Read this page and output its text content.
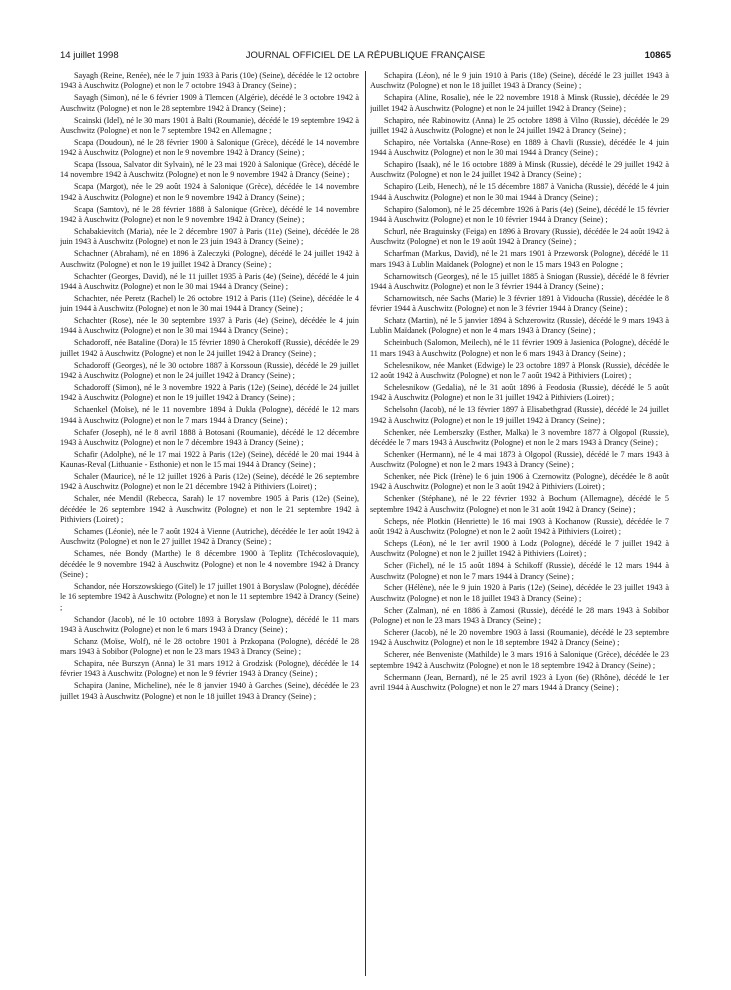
14 juillet 1998	JOURNAL OFFICIEL DE LA RÉPUBLIQUE FRANÇAISE	10865

Sayagh (Reine, Renée), née le 7 juin 1933 à Paris (10e) (Seine), décédée le 12 octobre 1943 à Auschwitz (Pologne) et non le 7 octobre 1943 à Drancy (Seine) ;

Sayagh (Simon), né le 6 février 1909 à Tlemcen (Algérie), décédé le 3 octobre 1942 à Auschwitz (Pologne) et non le 28 septembre 1942 à Drancy (Seine) ;

Scainski (Idel), né le 30 mars 1901 à Balti (Roumanie), décédé le 19 septembre 1942 à Auschwitz (Pologne) et non le 7 septembre 1942 en Allemagne ;

Scapa (Doudoun), né le 28 février 1900 à Salonique (Grèce), décédé le 14 novembre 1942 à Auschwitz (Pologne) et non le 9 novembre 1942 à Drancy (Seine) ;

Scapa (Issoua, Salvator dit Sylvain), né le 23 mai 1920 à Salonique (Grèce), décédé le 14 novembre 1942 à Auschwitz (Pologne) et non le 9 novembre 1942 à Drancy (Seine) ;

Scapa (Margot), née le 29 août 1924 à Salonique (Grèce), décédée le 14 novembre 1942 à Auschwitz (Pologne) et non le 9 novembre 1942 à Drancy (Seine) ;

Scapa (Samtov), né le 28 février 1888 à Salonique (Grèce), décédé le 14 novembre 1942 à Auschwitz (Pologne) et non le 9 novembre 1942 à Drancy (Seine) ;

Schabakievitch (Maria), née le 2 décembre 1907 à Paris (11e) (Seine), décédée le 28 juin 1943 à Auschwitz (Pologne) et non le 23 juin 1943 à Drancy (Seine) ;

Schachner (Abraham), né en 1896 à Zaleczyki (Pologne), décédé le 24 juillet 1942 à Auschwitz (Pologne) et non le 19 juillet 1942 à Drancy (Seine) ;

Schachter (Georges, David), né le 11 juillet 1935 à Paris (4e) (Seine), décédé le 4 juin 1944 à Auschwitz (Pologne) et non le 30 mai 1944 à Drancy (Seine) ;

Schachter, née Peretz (Rachel) le 26 octobre 1912 à Paris (11e) (Seine), décédée le 4 juin 1944 à Auschwitz (Pologne) et non le 30 mai 1944 à Drancy (Seine) ;

Schachter (Rose), née le 30 septembre 1937 à Paris (4e) (Seine), décédée le 4 juin 1944 à Auschwitz (Pologne) et non le 30 mai 1944 à Drancy (Seine) ;

Schadoroff, née Bataline (Dora) le 15 février 1890 à Cherokoff (Russie), décédée le 29 juillet 1942 à Auschwitz (Pologne) et non le 24 juillet 1942 à Drancy (Seine) ;

Schadoroff (Georges), né le 30 octobre 1887 à Korssoun (Russie), décédé le 29 juillet 1942 à Auschwitz (Pologne) et non le 24 juillet 1942 à Drancy (Seine) ;

Schadoroff (Simon), né le 3 novembre 1922 à Paris (12e) (Seine), décédé le 24 juillet 1942 à Auschwitz (Pologne) et non le 19 juillet 1942 à Drancy (Seine) ;

Schaenkel (Moïse), né le 11 novembre 1894 à Dukla (Pologne), décédé le 12 mars 1944 à Auschwitz (Pologne) et non le 7 mars 1944 à Drancy (Seine) ;

Schafer (Joseph), né le 8 avril 1888 à Botosani (Roumanie), décédé le 12 décembre 1943 à Auschwitz (Pologne) et non le 7 décembre 1943 à Drancy (Seine) ;

Schafir (Adolphe), né le 17 mai 1922 à Paris (12e) (Seine), décédé le 20 mai 1944 à Kaunas-Reval (Lithuanie - Esthonie) et non le 15 mai 1944 à Drancy (Seine) ;

Schaler (Maurice), né le 12 juillet 1926 à Paris (12e) (Seine), décédé le 26 septembre 1942 à Auschwitz (Pologne) et non le 21 décembre 1942 à Pithiviers (Loiret) ;

Schaler, née Mendil (Rebecca, Sarah) le 17 novembre 1905 à Paris (12e) (Seine), décédée le 26 septembre 1942 à Auschwitz (Pologne) et non le 21 septembre 1942 à Pithiviers (Loiret) ;

Schames (Léonie), née le 7 août 1924 à Vienne (Autriche), décédée le 1er août 1942 à Auschwitz (Pologne) et non le 27 juillet 1942 à Drancy (Seine) ;

Schames, née Bondy (Marthe) le 8 décembre 1900 à Teplitz (Tchécoslovaquie), décédée le 9 novembre 1942 à Auschwitz (Pologne) et non le 4 novembre 1942 à Drancy (Seine) ;

Schandor, née Horszowskiego (Gitel) le 17 juillet 1901 à Boryslaw (Pologne), décédée le 16 septembre 1942 à Auschwitz (Pologne) et non le 11 septembre 1942 à Drancy (Seine) ;

Schandor (Jacob), né le 10 octobre 1893 à Boryslaw (Pologne), décédé le 11 mars 1943 à Auschwitz (Pologne) et non le 6 mars 1943 à Drancy (Seine) ;

Schanz (Moïse, Wolf), né le 28 octobre 1901 à Przkopana (Pologne), décédé le 28 mars 1943 à Sobibor (Pologne) et non le 23 mars 1943 à Drancy (Seine) ;

Schapira, née Burszyn (Anna) le 31 mars 1912 à Grodzisk (Pologne), décédée le 14 février 1943 à Auschwitz (Pologne) et non le 9 février 1943 à Drancy (Seine) ;

Schapira (Janine, Micheline), née le 8 janvier 1940 à Garches (Seine), décédée le 23 juillet 1943 à Auschwitz (Pologne) et non le 18 juillet 1943 à Drancy (Seine) ;

Schapira (Léon), né le 9 juin 1910 à Paris (18e) (Seine), décédé le 23 juillet 1943 à Auschwitz (Pologne) et non le 18 juillet 1943 à Drancy (Seine) ;

Schapira (Aline, Rosalie), née le 22 novembre 1918 à Minsk (Russie), décédée le 29 juillet 1942 à Auschwitz (Pologne) et non le 24 juillet 1942 à Drancy (Seine) ;

Schapiro, née Rabinowitz (Anna) le 25 octobre 1898 à Vilno (Russie), décédée le 29 juillet 1942 à Auschwitz (Pologne) et non le 24 juillet 1942 à Drancy (Seine) ;

Schapiro, née Vortalska (Anne-Rose) en 1889 à Chavli (Russie), décédée le 4 juin 1944 à Auschwitz (Pologne) et non le 30 mai 1944 à Drancy (Seine) ;

Schapiro (Isaak), né le 16 octobre 1889 à Minsk (Russie), décédé le 29 juillet 1942 à Auschwitz (Pologne) et non le 24 juillet 1942 à Drancy (Seine) ;

Schapiro (Leib, Henech), né le 15 décembre 1887 à Vanicha (Russie), décédé le 4 juin 1944 à Auschwitz (Pologne) et non le 30 mai 1944 à Drancy (Seine) ;

Schapiro (Salomon), né le 25 décembre 1926 à Paris (4e) (Seine), décédé le 15 février 1944 à Auschwitz (Pologne) et non le 10 février 1944 à Drancy (Seine) ;

Schurl, née Braguinsky (Feiga) en 1896 à Brovary (Russie), décédée le 24 août 1942 à Auschwitz (Pologne) et non le 19 août 1942 à Drancy (Seine) ;

Scharfman (Markus, David), né le 21 mars 1901 à Przeworsk (Pologne), décédé le 11 mars 1943 à Lublin Maïdanek (Pologne) et non le 15 mars 1943 en Pologne ;

Scharnowitsch (Georges), né le 15 juillet 1885 à Sniogan (Russie), décédé le 8 février 1944 à Auschwitz (Pologne) et non le 3 février 1944 à Drancy (Seine) ;

Scharnowitsch, née Sachs (Marie) le 3 février 1891 à Vidoucha (Russie), décédée le 8 février 1944 à Auschwitz (Pologne) et non le 3 février 1944 à Drancy (Seine) ;

Schatz (Martin), né le 5 janvier 1894 à Schzerowitz (Russie), décédé le 9 mars 1943 à Lublin Maïdanek (Pologne) et non le 4 mars 1943 à Drancy (Seine) ;

Scheinbuch (Salomon, Meilech), né le 11 février 1909 à Jasienica (Pologne), décédé le 11 mars 1943 à Auschwitz (Pologne) et non le 6 mars 1943 à Drancy (Seine) ;

Schelesnikow, née Manket (Edwige) le 23 octobre 1897 à Plonsk (Russie), décédée le 12 août 1942 à Auschwitz (Pologne) et non le 7 août 1942 à Pithiviers (Loiret) ;

Schelesnikow (Gedalia), né le 31 août 1896 à Feodosia (Russie), décédé le 5 août 1942 à Auschwitz (Pologne) et non le 31 juillet 1942 à Pithiviers (Loiret) ;

Schelsohn (Jacob), né le 13 février 1897 à Elisabethgrad (Russie), décédé le 24 juillet 1942 à Auschwitz (Pologne) et non le 19 juillet 1942 à Drancy (Seine) ;

Schenker, née Lemberszky (Esther, Malka) le 3 novembre 1877 à Olgopol (Russie), décédée le 7 mars 1943 à Auschwitz (Pologne) et non le 2 mars 1943 à Drancy (Seine) ;

Schenker (Hermann), né le 4 mai 1873 à Olgopol (Russie), décédé le 7 mars 1943 à Auschwitz (Pologne) et non le 2 mars 1943 à Drancy (Seine) ;

Schenker, née Pick (Irène) le 6 juin 1906 à Czernowitz (Pologne), décédée le 8 août 1942 à Auschwitz (Pologne) et non le 3 août 1942 à Pithiviers (Loiret) ;

Schenker (Stéphane), né le 22 février 1932 à Bochum (Allemagne), décédé le 5 septembre 1942 à Auschwitz (Pologne) et non le 31 août 1942 à Drancy (Seine) ;

Scheps, née Plotkin (Henriette) le 16 mai 1903 à Kochanow (Russie), décédée le 7 août 1942 à Auschwitz (Pologne) et non le 2 août 1942 à Pithiviers (Loiret) ;

Scheps (Léon), né le 1er avril 1900 à Lodz (Pologne), décédé le 7 juillet 1942 à Auschwitz (Pologne) et non le 2 juillet 1942 à Pithiviers (Loiret) ;

Scher (Fichel), né le 15 août 1894 à Schikoff (Russie), décédé le 12 mars 1944 à Auschwitz (Pologne) et non le 7 mars 1944 à Drancy (Seine) ;

Scher (Hélène), née le 9 juin 1920 à Paris (12e) (Seine), décédée le 23 juillet 1943 à Auschwitz (Pologne) et non le 18 juillet 1943 à Drancy (Seine) ;

Scher (Zalman), né en 1886 à Zamosi (Russie), décédé le 28 mars 1943 à Sobibor (Pologne) et non le 23 mars 1943 à Drancy (Seine) ;

Scherer (Jacob), né le 20 novembre 1903 à Iassi (Roumanie), décédé le 23 septembre 1942 à Auschwitz (Pologne) et non le 18 septembre 1942 à Drancy (Seine) ;

Scherer, née Benveniste (Mathilde) le 3 mars 1916 à Salonique (Grèce), décédée le 23 septembre 1942 à Auschwitz (Pologne) et non le 18 septembre 1942 à Drancy (Seine) ;

Schermann (Jean, Bernard), né le 25 avril 1923 à Lyon (6e) (Rhône), décédé le 1er avril 1944 à Auschwitz (Pologne) et non le 27 mars 1944 à Drancy (Seine) ;
